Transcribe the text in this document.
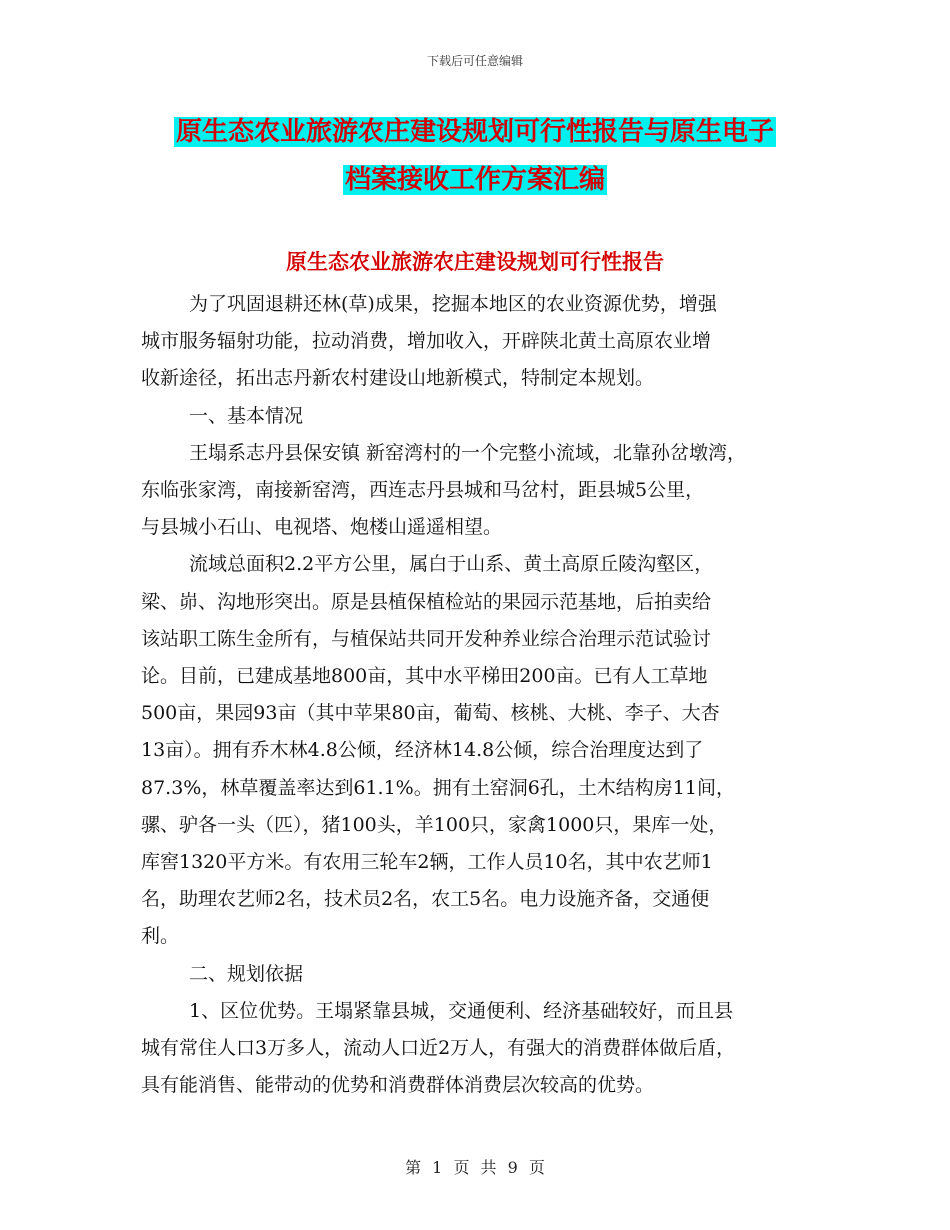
下载后可任意编辑
原生态农业旅游农庄建设规划可行性报告与原生电子
档案接收工作方案汇编
原生态农业旅游农庄建设规划可行性报告

为了巩固退耕还林(草)成果，挖掘本地区的农业资源优势，增强

城市服务辐射功能，拉动消费，增加收入，开辟陕北黄土高原农业增

收新途径，拓出志丹新农村建设山地新模式，特制定本规划。

一、基本情况

王塌系志丹县保安镇 新窑湾村的一个完整小流域，北靠孙岔墩湾，

东临张家湾，南接新窑湾，西连志丹县城和马岔村，距县城5公里，

与县城小石山、电视塔、炮楼山遥遥相望。

流域总面积2.2平方公里，属白于山系、黄土高原丘陵沟壑区，

梁、峁、沟地形突出。原是县植保植检站的果园示范基地，后拍卖给

该站职工陈生金所有，与植保站共同开发种养业综合治理示范试验讨

论。目前，已建成基地800亩，其中水平梯田200亩。已有人工草地

500亩，果园93亩（其中苹果80亩，葡萄、核桃、大桃、李子、大杏

13亩）。拥有乔木林4.8公倾，经济林14.8公倾，综合治理度达到了

87.3%，林草覆盖率达到61.1%。拥有土窑洞6孔，土木结构房11间，

骡、驴各一头（匹），猪100头，羊100只，家禽1000只，果库一处，

库窖1320平方米。有农用三轮车2辆，工作人员10名，其中农艺师1

名，助理农艺师2名，技术员2名，农工5名。电力设施齐备，交通便

利。

二、规划依据

1、区位优势。王塌紧靠县城，交通便利、经济基础较好，而且县

城有常住人口3万多人，流动人口近2万人，有强大的消费群体做后盾，

具有能消售、能带动的优势和消费群体消费层次较高的优势。

第 1 页 共 9 页
